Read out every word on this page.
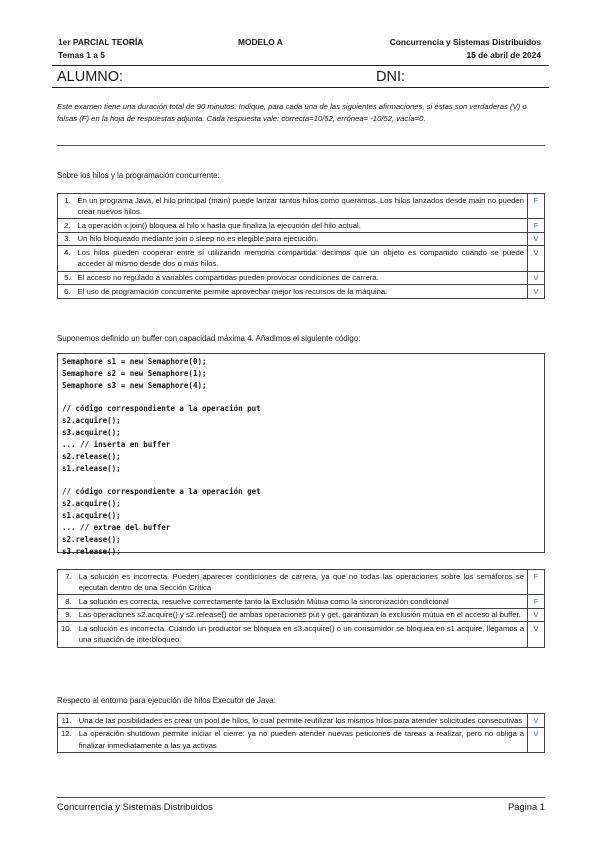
1er PARCIAL TEORÍA
Temas 1 a 5
MODELO A	Concurrencia y Sistemas Distribuidos
15 de abril de 2024
ALUMNO:	DNI:
Este examen tiene una duración total de 90 minutos. Indique, para cada una de las siguientes afirmaciones, si éstas son verdaderas (V) o falsas (F) en la hoja de respuestas adjunta. Cada respuesta vale: correcta=10/52, errónea= -10/52, vacía=0.
Sobre los hilos y la programación concurrente:
1.	En un programa Java, el hilo principal (main) puede lanzar tantos hilos como queramos. Los hilos lanzados desde main no pueden crear nuevos hilos.	F
2.	La operación x.join() bloquea al hilo x hasta que finaliza la ejecución del hilo actual.	F
3.	Un hilo bloqueado mediante join o sleep no es elegible para ejecución.	V
4.	Los hilos pueden cooperar entre sí utilizando memoria compartida: decimos que un objeto es compartido cuando se puede acceder al mismo desde dos o más hilos.	V
5.	El acceso no regulado a variables compartidas pueden provocar condiciones de carrera.	V
6.	El uso de programación concurrente permite aprovechar mejor los recursos de la máquina.	V
Suponemos definido un buffer con capacidad máxima 4. Añadimos el siguiente código:
Semaphore s1 = new Semaphore(0);
Semaphore s2 = new Semaphore(1);
Semaphore s3 = new Semaphore(4);

// código correspondiente a la operación put
s2.acquire();
s3.acquire();
... // inserta en buffer
s2.release();
s1.release();

// código correspondiente a la operación get
s2.acquire();
s1.acquire();
... // extrae del buffer
s2.release();
s3.release();
7.	La solución es incorrecta. Pueden aparecer condiciones de carrera, ya que no todas las operaciones sobre los semáforos se ejecutan dentro de una Sección Crítica	F
8.	La solución es correcta, resuelve correctamente tanto la Exclusión Mútua como la sincronización condicional	F
9.	Las operaciones s2.acquire() y s2.release() de ambas operaciones put y get, garantizan la exclusión mútua en el acceso al buffer.	V
10.	La solución es incorrecta. Cuando un productor se bloquea en s3.acquire() o un consumidor se bloquea en s1.acquire, llegamos a una situación de interbloqueo.	V
Respecto al entorno para ejecución de hilos Executor de Java:
11.	Una de las posibilidades es crear un pool de hilos, lo cual permite reutilizar los mismos hilos para atender solicitudes consecutivas	V
12.	La operación shutdown permite iniciar el cierre: ya no pueden atender nuevas peticiones de tareas a realizar, pero no obliga a finalizar inmediatamente a las ya activas	V
Concurrencia y Sistemas Distribuidos	Página 1
